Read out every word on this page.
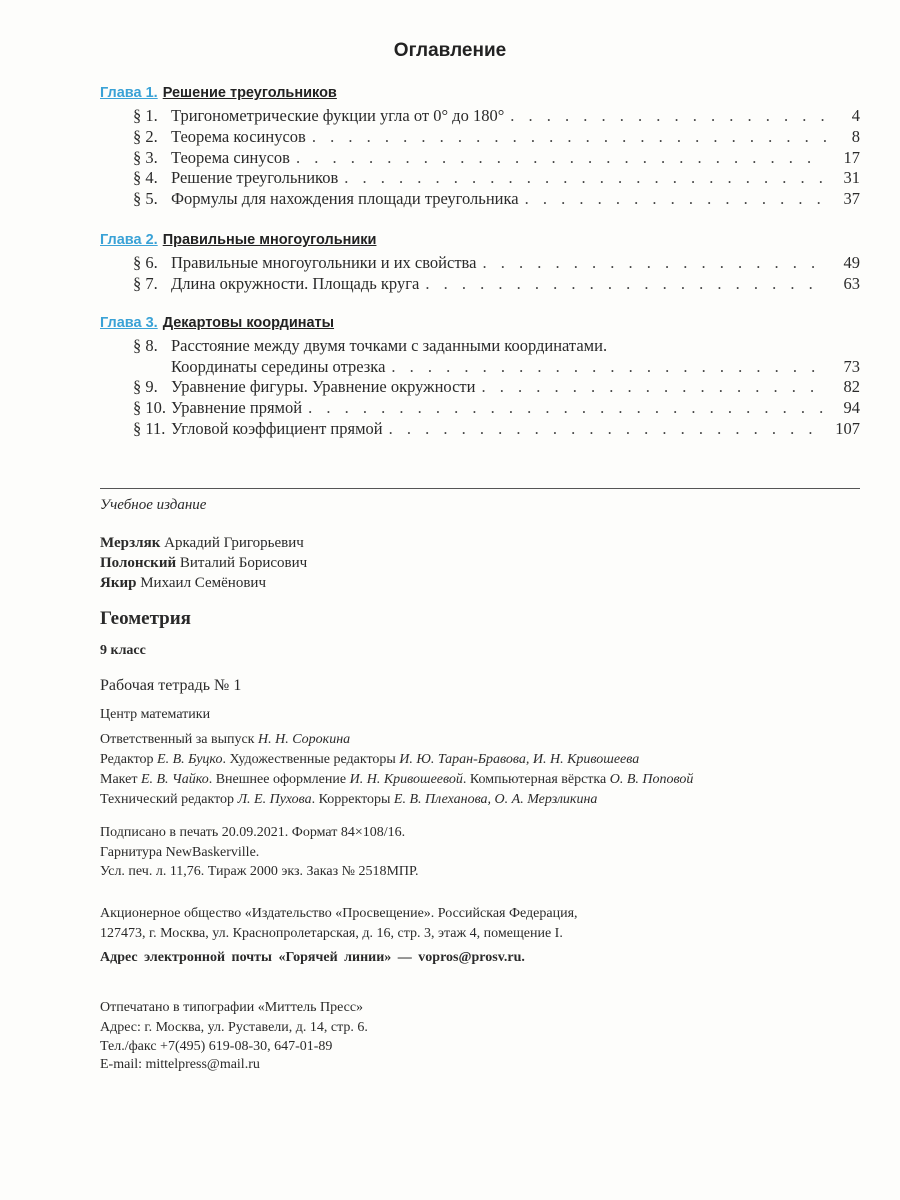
Оглавление
Глава 1. Решение треугольников
§ 1. Тригонометрические фукции угла от 0° до 180° . . .	4
§ 2. Теорема косинусов . . .	8
§ 3. Теорема синусов . . .	17
§ 4. Решение треугольников . . .	31
§ 5. Формулы для нахождения площади треугольника . . .	37
Глава 2. Правильные многоугольники
§ 6. Правильные многоугольники и их свойства . . .	49
§ 7. Длина окружности. Площадь круга . . .	63
Глава 3. Декартовы координаты
§ 8. Расстояние между двумя точками с заданными координатами.
Координаты середины отрезка . . .	73
§ 9. Уравнение фигуры. Уравнение окружности . . .	82
§ 10. Уравнение прямой . . .	94
§ 11. Угловой коэффициент прямой . . .	107
Учебное издание
Мерзляк Аркадий Григорьевич
Полонский Виталий Борисович
Якир Михаил Семёнович
Геометрия
9 класс
Рабочая тетрадь № 1
Центр математики
Ответственный за выпуск Н. Н. Сорокина
Редактор Е. В. Буцко. Художественные редакторы И. Ю. Таран-Бравова, И. Н. Кривошеева
Макет Е. В. Чайко. Внешнее оформление И. Н. Кривошеевой. Компьютерная вёрстка О. В. Поповой
Технический редактор Л. Е. Пухова. Корректоры Е. В. Плеханова, О. А. Мерзликина
Подписано в печать 20.09.2021. Формат 84×108/16.
Гарнитура NewBaskerville.
Усл. печ. л. 11,76. Тираж 2000 экз. Заказ № 2518МПР.
Акционерное общество «Издательство «Просвещение». Российская Федерация,
127473, г. Москва, ул. Краснопролетарская, д. 16, стр. 3, этаж 4, помещение I.
Адрес электронной почты «Горячей линии» — vopros@prosv.ru.
Отпечатано в типографии «Миттель Пресс»
Адрес: г. Москва, ул. Руставели, д. 14, стр. 6.
Тел./факс +7(495) 619-08-30, 647-01-89
E-mail: mittelpress@mail.ru
